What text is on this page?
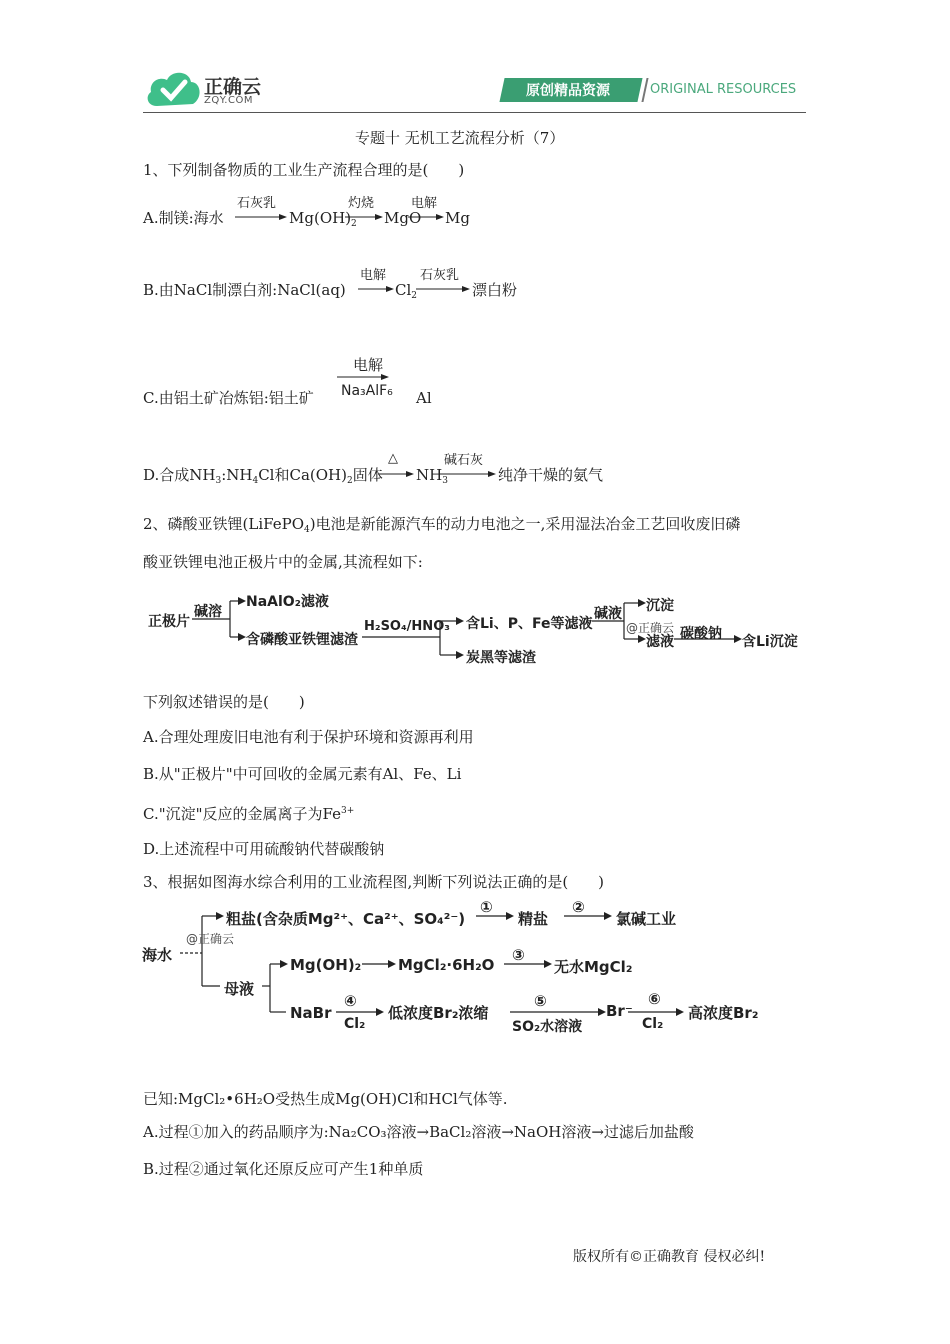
正确云
ZQY.COM
原创精品资源	ORIGINAL RESOURCES
专题十 无机工艺流程分析（7）
1、下列制备物质的工业生产流程合理的是(　　)
A.制镁:海水
石灰乳
$Mg(OH)_2$
灼烧
MgO
电解
Mg
B.由NaCl制漂白剂:NaCl(aq)
电解
$Cl_2$
石灰乳
漂白粉
C.由铝土矿冶炼铝:铝土矿
电解
Na₃AlF₆ Al
D.合成$NH_3:NH_4Cl$和$Ca(OH)_2$固体
△
$NH_3$
碱石灰
纯净干燥的氨气
2、磷酸亚铁锂(LiFePO$_4$)电池是新能源汽车的动力电池之一,采用湿法冶金工艺回收废旧磷
酸亚铁锂电池正极片中的金属,其流程如下:
正极片
碱溶
NaAlO₂滤液
含磷酸亚铁锂滤渣
H₂SO₄/HNO₃ 含Li、P、Fe等滤液
炭黑等滤渣
碱液
@正确云
沉淀
滤液 碳酸钠 含Li沉淀
下列叙述错误的是(　　)
A.合理处理废旧电池有利于保护环境和资源再利用
B.从"正极片"中可回收的金属元素有Al、Fe、Li
C."沉淀"反应的金属离子为$Fe^{3+}$
D.上述流程中可用硫酸钠代替碳酸钠
3、根据如图海水综合利用的工业流程图,判断下列说法正确的是(　　)
海水
@正确云
粗盐(含杂质Mg²⁺、Ca²⁺、SO₄²⁻)
①
精盐
②
氯碱工业
母液
Mg(OH)₂ MgCl₂·6H₂O
③
无水MgCl₂
NaBr
④
Cl₂
低浓度Br₂浓缩
⑤
SO₂水溶液
Br⁻
⑥
Cl₂
高浓度Br₂
已知:MgCl₂•6H₂O受热生成Mg(OH)Cl和HCl气体等.
A.过程①加入的药品顺序为:Na₂CO₃溶液→BaCl₂溶液→NaOH溶液→过滤后加盐酸
B.过程②通过氧化还原反应可产生1种单质
版权所有©正确教育 侵权必纠!
